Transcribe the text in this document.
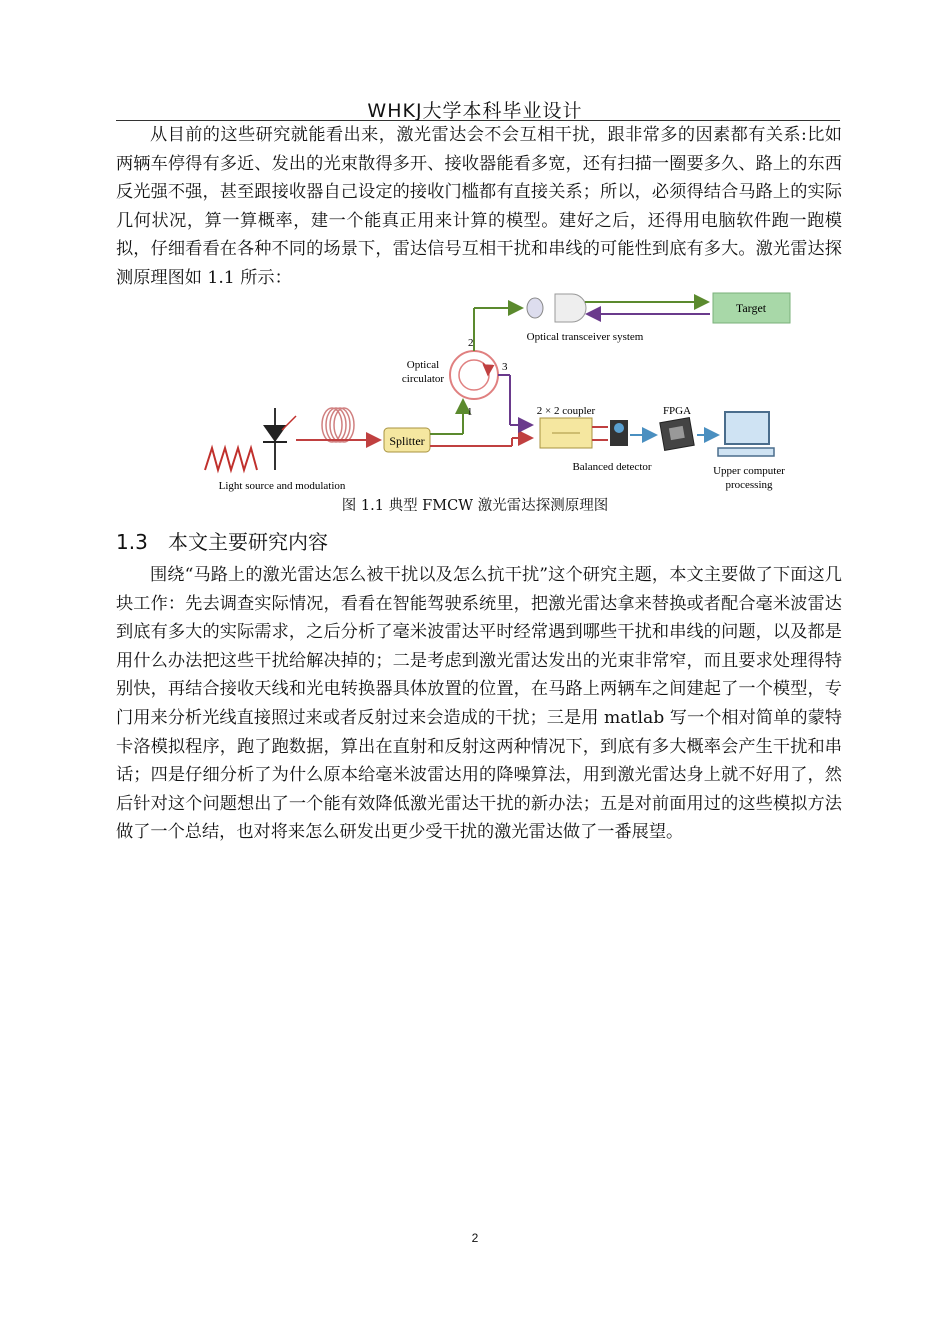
WHKJ大学本科毕业设计
从目前的这些研究就能看出来，激光雷达会不会互相干扰，跟非常多的因素都有关系:比如两辆车停得有多近、发出的光束散得多开、接收器能看多宽，还有扫描一圈要多久、路上的东西反光强不强，甚至跟接收器自己设定的接收门槛都有直接关系；所以，必须得结合马路上的实际几何状况，算一算概率，建一个能真正用来计算的模型。建好之后，还得用电脑软件跑一跑模拟，仔细看看在各种不同的场景下，雷达信号互相干扰和串线的可能性到底有多大。激光雷达探测原理图如 1.1 所示：
Splitter
Optical
circulator
1
2
3
Optical transceiver system
Target
2 × 2 coupler
Balanced detector
FPGA
Upper computer
processing
Light source and modulation
图 1.1 典型 FMCW 激光雷达探测原理图
1.3 本文主要研究内容
围绕“马路上的激光雷达怎么被干扰以及怎么抗干扰”这个研究主题，本文主要做了下面这几块工作：先去调查实际情况，看看在智能驾驶系统里，把激光雷达拿来替换或者配合毫米波雷达到底有多大的实际需求，之后分析了毫米波雷达平时经常遇到哪些干扰和串线的问题，以及都是用什么办法把这些干扰给解决掉的；二是考虑到激光雷达发出的光束非常窄，而且要求处理得特别快，再结合接收天线和光电转换器具体放置的位置，在马路上两辆车之间建起了一个模型，专门用来分析光线直接照过来或者反射过来会造成的干扰；三是用 matlab 写一个相对简单的蒙特卡洛模拟程序，跑了跑数据，算出在直射和反射这两种情况下，到底有多大概率会产生干扰和串话；四是仔细分析了为什么原本给毫米波雷达用的降噪算法，用到激光雷达身上就不好用了，然后针对这个问题想出了一个能有效降低激光雷达干扰的新办法；五是对前面用过的这些模拟方法做了一个总结，也对将来怎么研发出更少受干扰的激光雷达做了一番展望。
2
